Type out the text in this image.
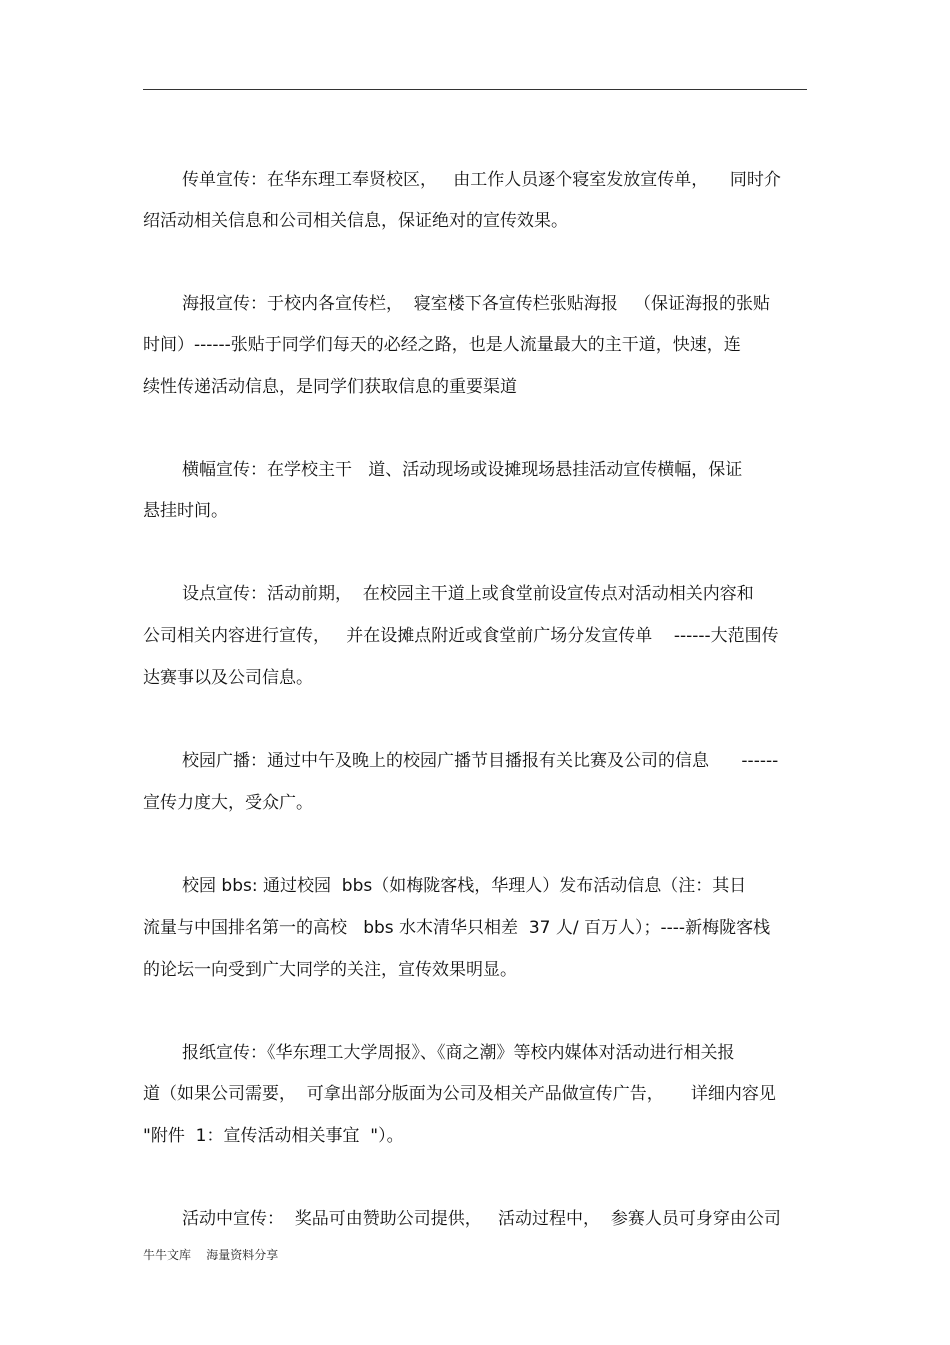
传单宣传：在华东理工奉贤校区，   由工作人员逐个寝室发放宣传单，    同时介
绍活动相关信息和公司相关信息，保证绝对的宣传效果。
海报宣传：于校内各宣传栏，  寝室楼下各宣传栏张贴海报   （保证海报的张贴
时间）------张贴于同学们每天的必经之路，也是人流量最大的主干道，快速，连
续性传递活动信息，是同学们获取信息的重要渠道
横幅宣传：在学校主干   道、活动现场或设摊现场悬挂活动宣传横幅，保证
悬挂时间。
设点宣传：活动前期，  在校园主干道上或食堂前设宣传点对活动相关内容和
公司相关内容进行宣传，   并在设摊点附近或食堂前广场分发宣传单    ------大范围传
达赛事以及公司信息。
校园广播：通过中午及晚上的校园广播节目播报有关比赛及公司的信息      ------
宣传力度大，受众广。
校园 bbs: 通过校园  bbs（如梅陇客栈，华理人）发布活动信息（注：其日
流量与中国排名第一的高校   bbs 水木清华只相差  37 人/ 百万人）；----新梅陇客栈
的论坛一向受到广大同学的关注，宣传效果明显。
报纸宣传：《华东理工大学周报》、《商之潮》等校内媒体对活动进行相关报
道（如果公司需要，  可拿出部分版面为公司及相关产品做宣传广告，     详细内容见
"附件  1：宣传活动相关事宜  "）。
活动中宣传：  奖品可由赞助公司提供，   活动过程中，  参赛人员可身穿由公司
牛牛文库    海量资料分享
